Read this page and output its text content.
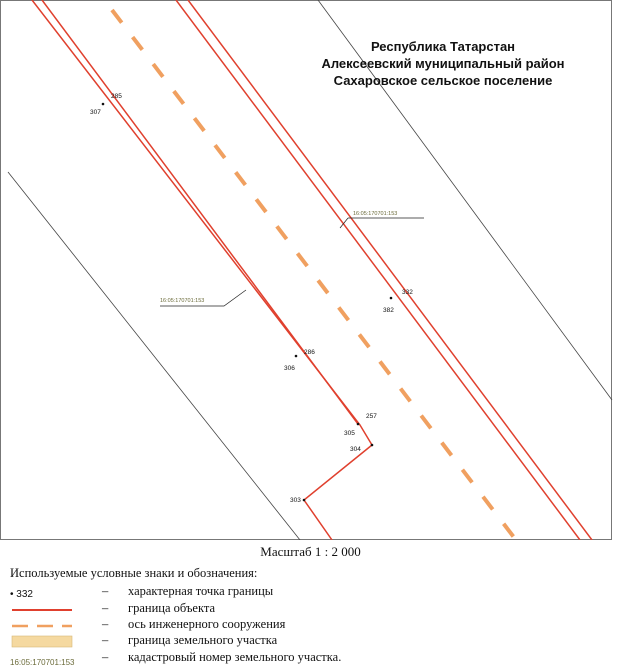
285
307
286
306
257
305
304
303
332
382
16:05:170701:153
16:05:170701:153
Республика Татарстан
Алексеевский муниципальный район
Сахаровское сельское поселение
Масштаб 1 : 2 000
Используемые условные знаки и обозначения:
• 332	– характерная точка границы
– граница объекта
– ось инженерного сооружения
– граница земельного участка
16:05:170701:153 – кадастровый номер земельного участка.
